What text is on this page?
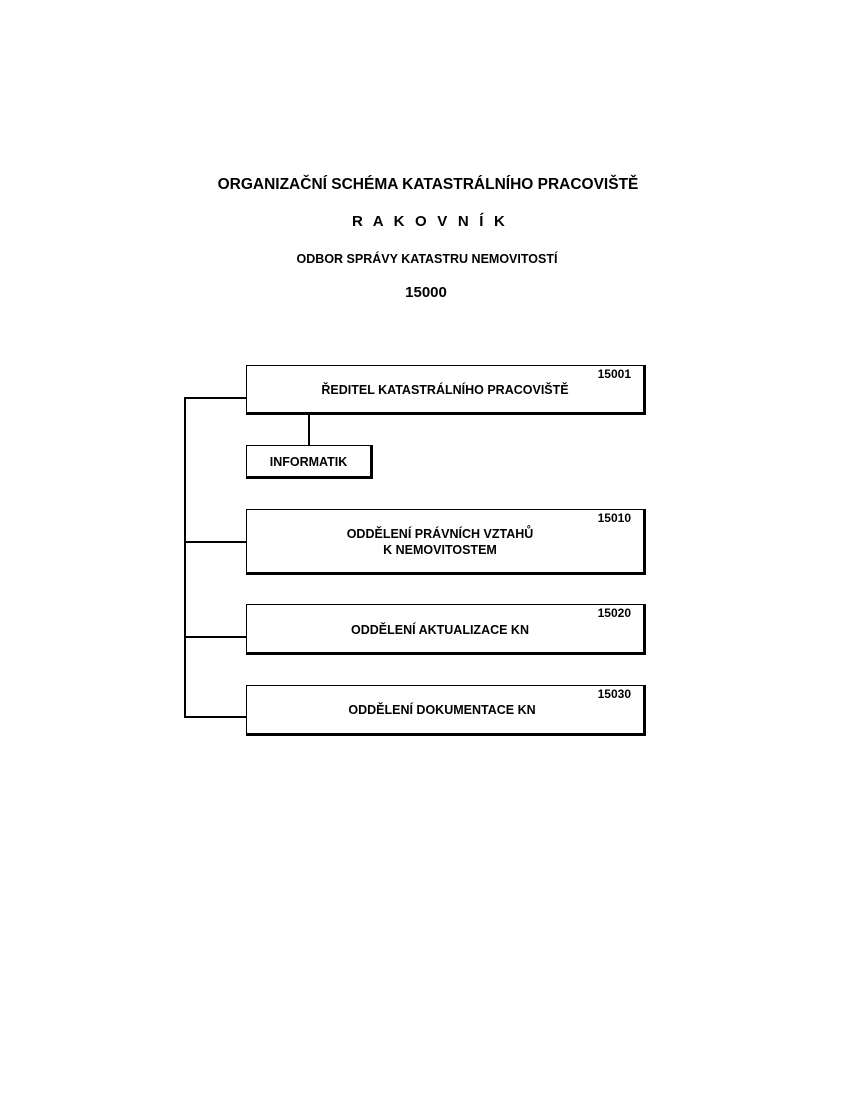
ORGANIZAČNÍ SCHÉMA KATASTRÁLNÍHO PRACOVIŠTĚ
R A K O V N Í K
ODBOR SPRÁVY KATASTRU NEMOVITOSTÍ
15000
15001
ŘEDITEL KATASTRÁLNÍHO PRACOVIŠTĚ
INFORMATIK
15010
ODDĚLENÍ PRÁVNÍCH VZTAHŮ
K NEMOVITOSTEM
15020
ODDĚLENÍ AKTUALIZACE KN
15030
ODDĚLENÍ DOKUMENTACE KN
